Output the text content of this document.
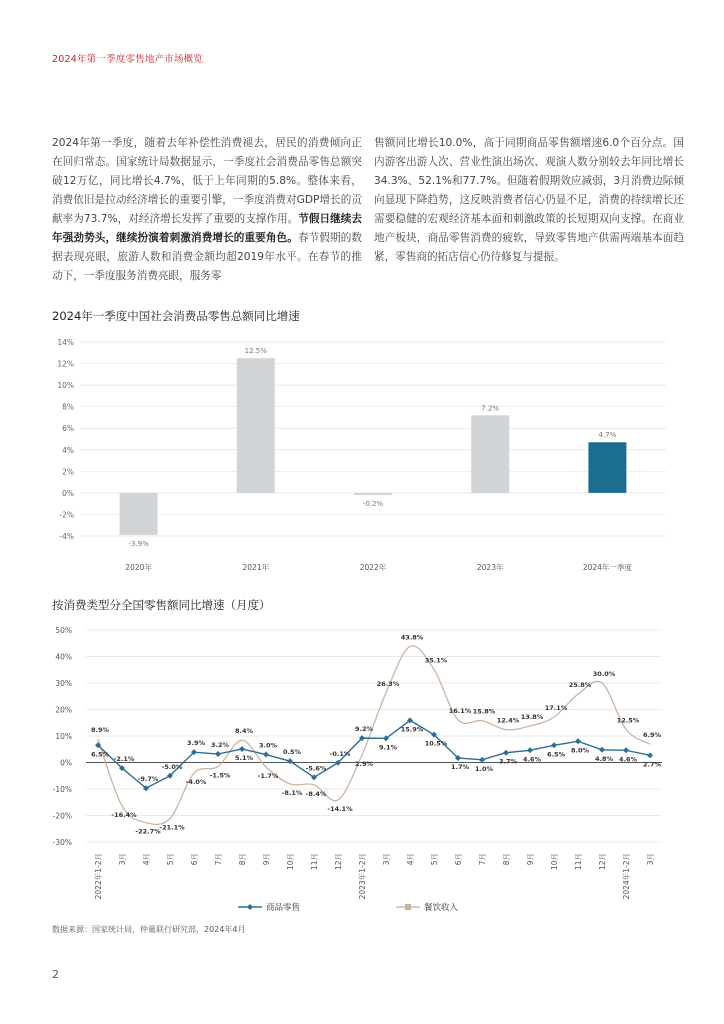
2024年第一季度零售地产市场概览
2024年第一季度，随着去年补偿性消费褪去，居民的消费倾向正在回归常态。国家统计局数据显示，一季度社会消费品零售总额突破12万亿，同比增长4.7%，低于上年同期的5.8%。整体来看，消费依旧是拉动经济增长的重要引擎，一季度消费对GDP增长的贡献率为73.7%，对经济增长发挥了重要的支撑作用。节假日继续去年强劲势头，继续扮演着刺激消费增长的重要角色。春节假期的数据表现亮眼，旅游人数和消费金额均超2019年水平。在春节的推动下，一季度服务消费亮眼，服务零
售额同比增长10.0%，高于同期商品零售额增速6.0个百分点。国内游客出游人次、营业性演出场次、观演人数分别较去年同比增长34.3%、52.1%和77.7%。但随着假期效应减弱，3月消费边际倾向显现下降趋势，这反映消费者信心仍显不足，消费的持续增长还需要稳健的宏观经济基本面和刺激政策的长短期双向支撑。在商业地产板块，商品零售消费的疲软，导致零售地产供需两端基本面趋紧，零售商的拓店信心仍待修复与提振。
2024年一季度中国社会消费品零售总额同比增速
-4%
-2%
0%
2%
4%
6%
8%
10%
12%
14%
-3.9%
2020年
12.5%
2021年
-0.2%
2022年
7.2%
2023年
4.7%
2024年一季度
按消费类型分全国零售额同比增速（月度）
-30%
-20%
-10%
0%
10%
20%
30%
40%
50%
2022年1-2月 3月 4月 5月 6月 7月 8月 9月 10月 11月 12月 2023年1-2月 3月 4月 5月 6月 7月 8月 9月 10月 11月 12月 2024年1-2月 3月
8.9%
-16.4%
-22.7%
-21.1%
-4.0%
-1.5%
8.4%
-1.7%
-8.1% -8.4%
-14.1%
2.9%
26.3%
43.8%
35.1%
16.1% 15.8%
12.4% 13.8%
17.1%
25.8%
30.0%
12.5%
6.9%
6.5%
-2.1%
-9.7%
-5.0%
3.9% 3.2%
5.1%
3.0%
0.5%
-5.6%
-0.1%
9.2%
9.1%
15.9%
10.5%
1.7% 1.0%
3.7% 4.6%
6.5% 8.0%
4.8% 4.6%
2.7%
商品零售	餐饮收入
数据来源：国家统计局，仲量联行研究部，2024年4月
2
